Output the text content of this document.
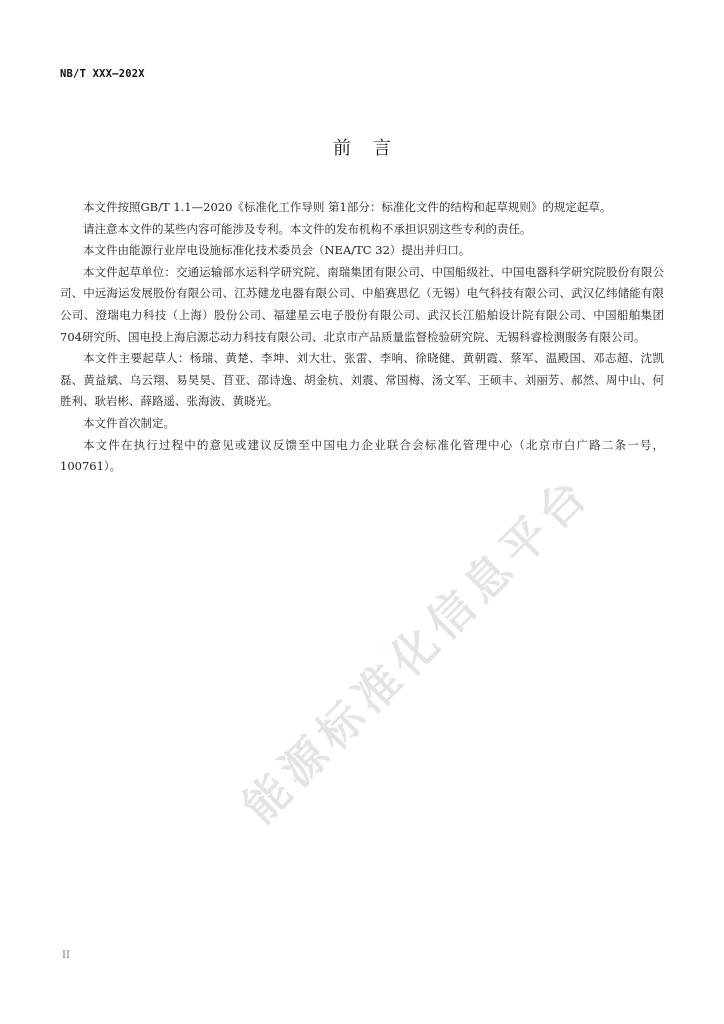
NB/T XXX—202X
前言

本文件按照GB/T 1.1—2020《标准化工作导则 第1部分：标准化文件的结构和起草规则》的规定起草。

请注意本文件的某些内容可能涉及专利。本文件的发布机构不承担识别这些专利的责任。

本文件由能源行业岸电设施标准化技术委员会（NEA/TC 32）提出并归口。

本文件起草单位：交通运输部水运科学研究院、南瑞集团有限公司、中国船级社、中国电器科学研究院股份有限公司、中远海运发展股份有限公司、江苏健龙电器有限公司、中船赛思亿（无锡）电气科技有限公司、武汉亿纬储能有限公司、澄瑞电力科技（上海）股份公司、福建星云电子股份有限公司、武汉长江船舶设计院有限公司、中国船舶集团704研究所、国电投上海启源芯动力科技有限公司、北京市产品质量监督检验研究院、无锡科睿检测服务有限公司。

本文件主要起草人：杨瑞、黄楚、李坤、刘大壮、张雷、李响、徐晓健、黄朝霞、蔡军、温殿国、邓志超、沈凯磊、黄益斌、乌云翔、易昊昊、苜亚、邵诗逸、胡金杭、刘震、常国梅、汤文军、王硕丰、刘丽芳、郝然、周中山、何胜利、耿岩彬、薛路遥、张海波、黄晓光。

本文件首次制定。

本文件在执行过程中的意见或建议反馈至中国电力企业联合会标准化管理中心（北京市白广路二条一号，100761）。	能源标准化信息平台
II
